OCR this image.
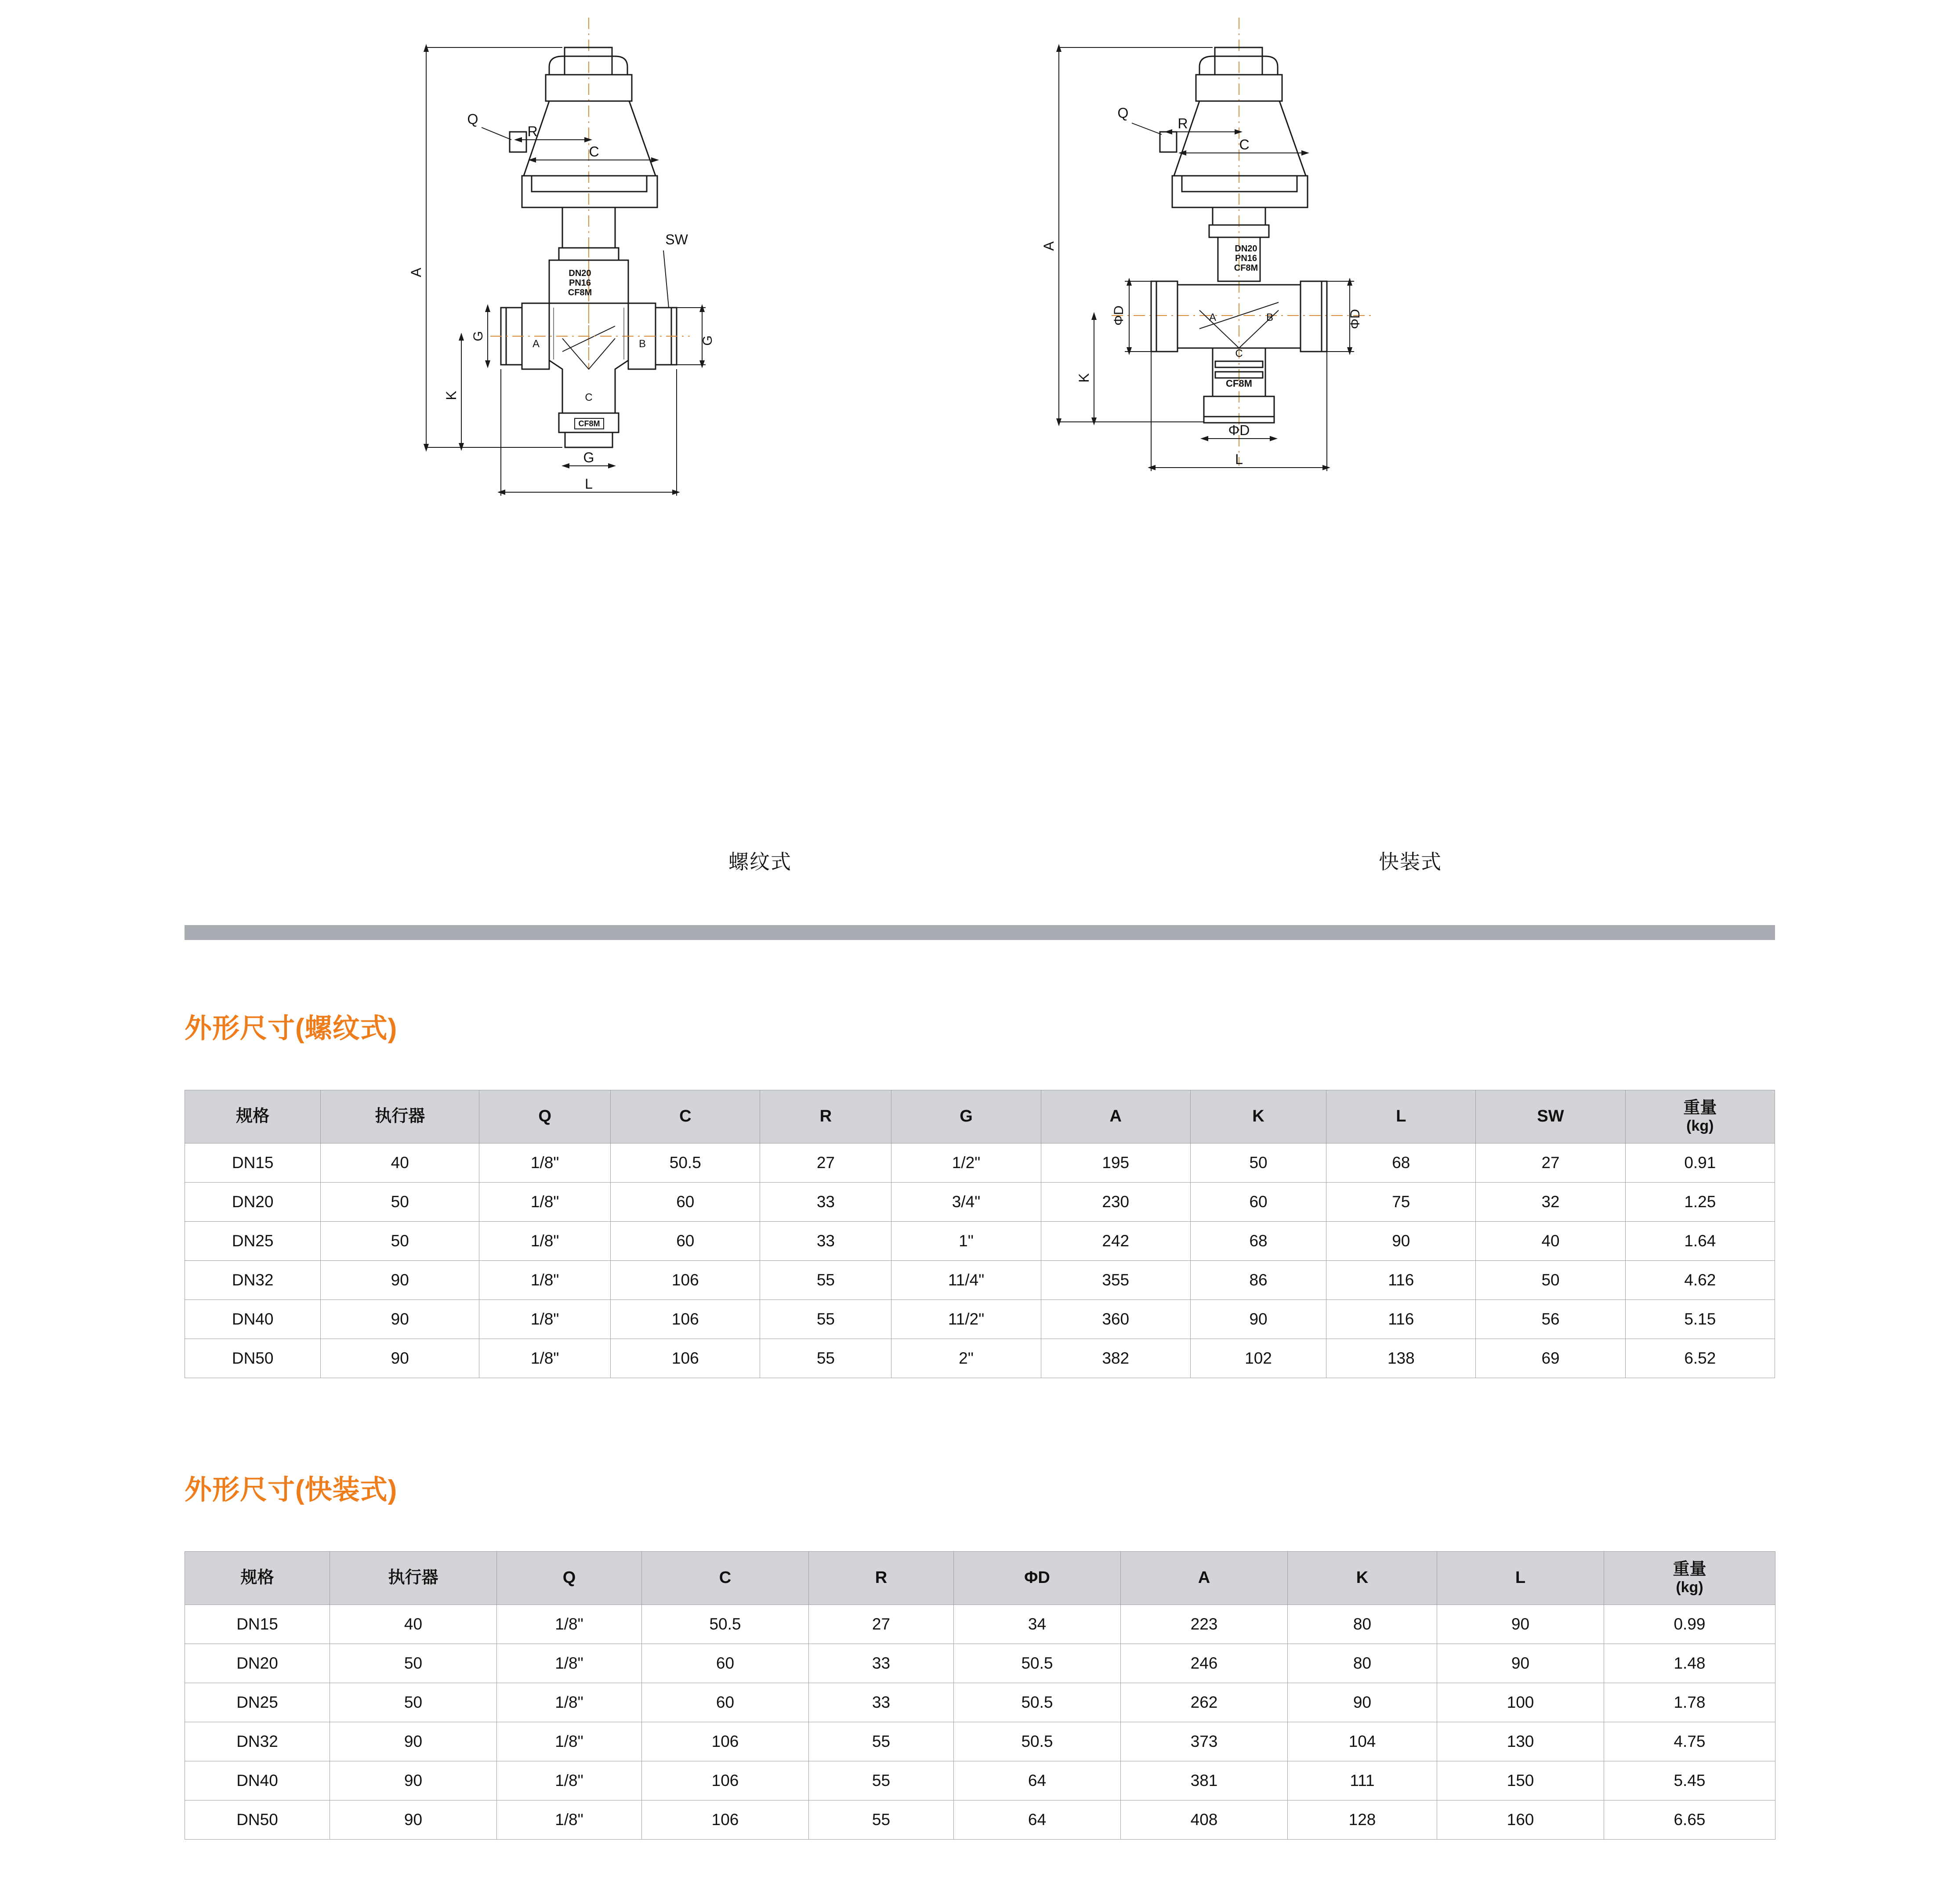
DN20
PN16
CF8M
CF8M
A
K
G	G
C
R
Q
SW
G
L
A	B
C
螺纹式
DN20
PN16
CF8M
CF8M
A
K
ΦD	ΦD
C
R
Q
ΦD
L
A	B
C
快装式
外形尺寸(螺纹式)
规格	执行器	Q	C	R	G	A	K	L	SW	重量
(kg)

DN15	40	1/8"	50.5	27	1/2"	195	50	68	27	0.91
DN20	50	1/8"	60	33	3/4"	230	60	75	32	1.25
DN25	50	1/8"	60	33	1"	242	68	90	40	1.64
DN32	90	1/8"	106	55	11/4"	355	86	116	50	4.62
DN40	90	1/8"	106	55	11/2"	360	90	116	56	5.15
DN50	90	1/8"	106	55	2"	382	102	138	69	6.52
外形尺寸(快装式)
规格	执行器	Q	C	R	ΦD	A	K	L	重量
(kg)

DN15	40	1/8"	50.5	27	34	223	80	90	0.99
DN20	50	1/8"	60	33	50.5	246	80	90	1.48
DN25	50	1/8"	60	33	50.5	262	90	100	1.78
DN32	90	1/8"	106	55	50.5	373	104	130	4.75
DN40	90	1/8"	106	55	64	381	111	150	5.45
DN50	90	1/8"	106	55	64	408	128	160	6.65
